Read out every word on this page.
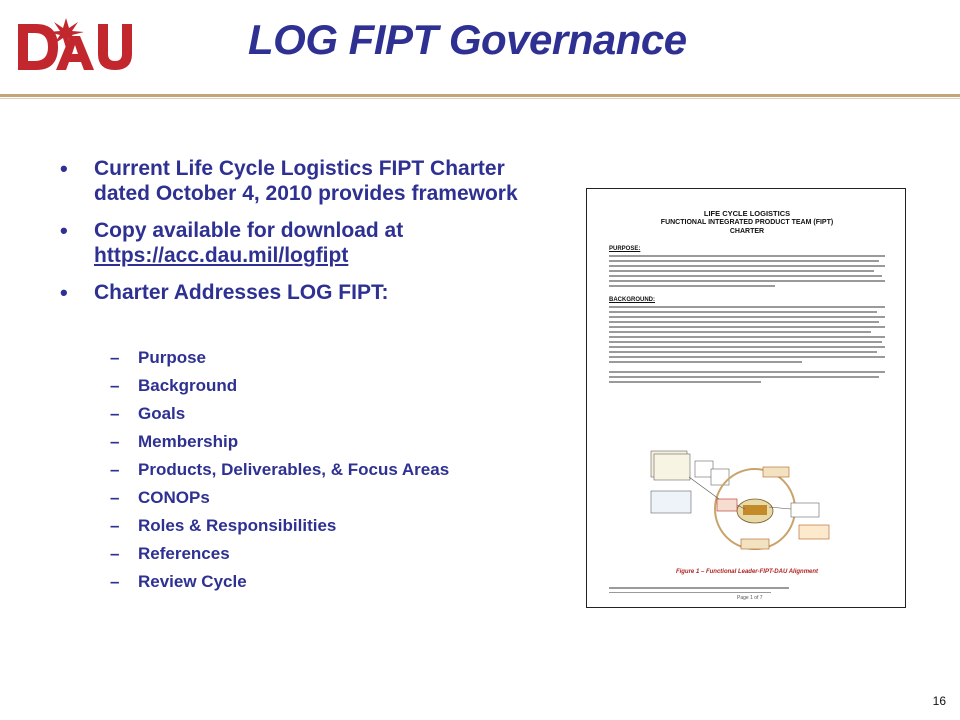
LOG FIPT Governance
• Current Life Cycle Logistics FIPT Charter dated October 4, 2010 provides framework
• Copy available for download at
https://acc.dau.mil/logfipt
• Charter Addresses LOG FIPT:
– Purpose
– Background
– Goals
– Membership
– Products, Deliverables, & Focus Areas
– CONOPs
– Roles & Responsibilities
– References
– Review Cycle
LIFE CYCLE LOGISTICS
FUNCTIONAL INTEGRATED PRODUCT TEAM (FIPT)
CHARTER
PURPOSE:
BACKGROUND:
Figure 1 – Functional Leader-FIPT-DAU Alignment
Page 1 of 7
16
